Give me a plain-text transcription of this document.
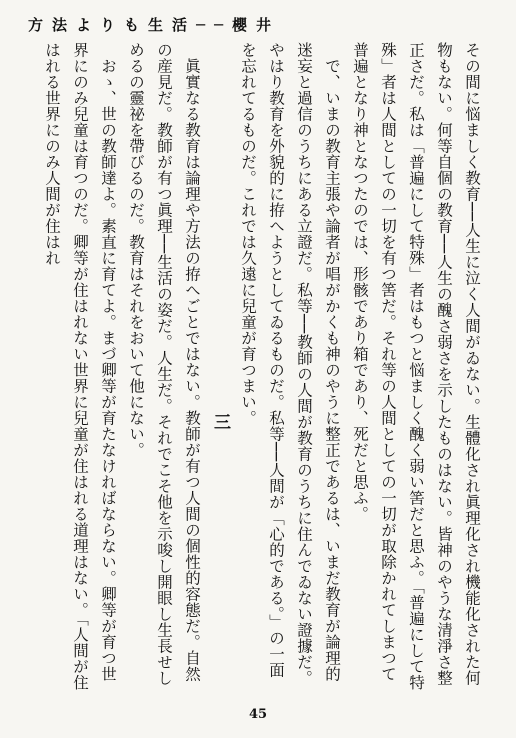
方法よりも生活──櫻井

その間に悩ましく教育──人生に泣く人間がゐない。生體化され眞理化され機能化された何物もない。何等自個の教育──人生の醜さ弱さを示したものはない。皆神のやうな清淨さ整正さだ。私は「普遍にして特殊」者はもつと悩ましく醜く弱い筈だと思ふ。「普遍にして特殊」者は人間としての一切を有つ筈だ。それ等の人間としての一切が取除かれてしまつて普遍となり神となつたのでは、形骸であり箱であり、死だと思ふ。

で、いまの教育主張や論者が唱がかくも神のやうに整正であるは、いまだ教育が論理的迷妄と過信のうちにある立證だ。私等──教師の人間が教育のうちに住んでゐない證據だ。やはり教育を外貌的に拵へようとしてゐるものだ。私等──人間が「心的である。」の一面を忘れてるものだ。これでは久遠に兒童が育つまい。

三

眞實なる教育は論理や方法の拵へごとではない。教師が有つ人間の個性的容態だ。自然の産見だ。教師が有つ眞理──生活の姿だ。人生だ。それでこそ他を示唆し開眼し生長せしめるの靈祕を帶びるのだ。教育はそれをおいて他にない。

おゝ、世の教師達よ。素直に育てよ。まづ卿等が育たなければならない。卿等が育つ世界にのみ兒童は育つのだ。卿等が住はれない世界に兒童が住はれる道理はない。「人間が住はれる世界にのみ人間が住はれ

45
